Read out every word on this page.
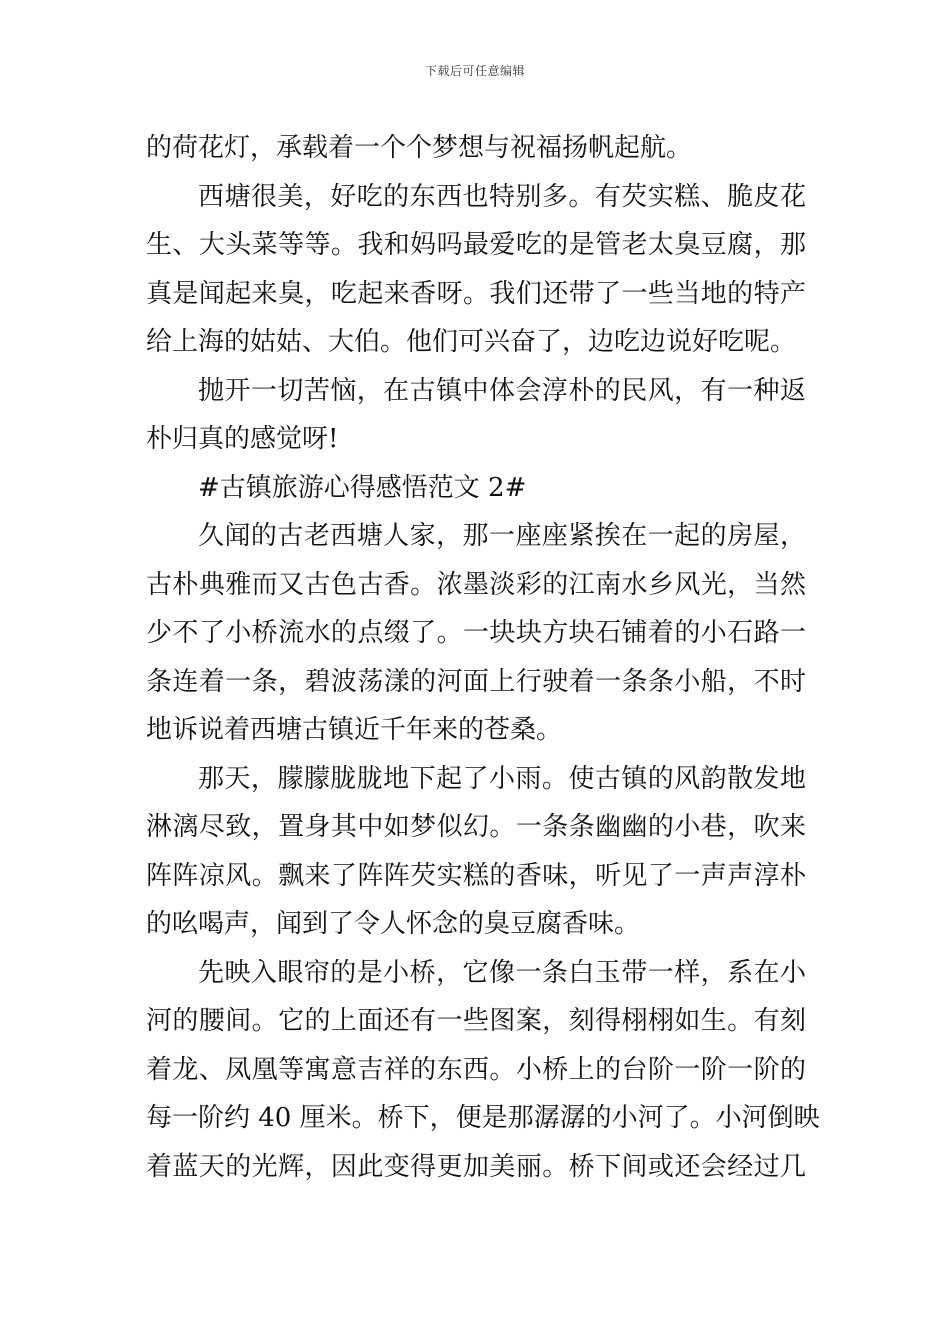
下载后可任意编辑
的荷花灯，承载着一个个梦想与祝福扬帆起航。
西塘很美，好吃的东西也特别多。有芡实糕、脆皮花
生、大头菜等等。我和妈吗最爱吃的是管老太臭豆腐，那
真是闻起来臭，吃起来香呀。我们还带了一些当地的特产
给上海的姑姑、大伯。他们可兴奋了，边吃边说好吃呢。
抛开一切苦恼，在古镇中体会淳朴的民风，有一种返
朴归真的感觉呀!
#古镇旅游心得感悟范文 2#
久闻的古老西塘人家，那一座座紧挨在一起的房屋，
古朴典雅而又古色古香。浓墨淡彩的江南水乡风光，当然
少不了小桥流水的点缀了。一块块方块石铺着的小石路一
条连着一条，碧波荡漾的河面上行驶着一条条小船，不时
地诉说着西塘古镇近千年来的苍桑。
那天，朦朦胧胧地下起了小雨。使古镇的风韵散发地
淋漓尽致，置身其中如梦似幻。一条条幽幽的小巷，吹来
阵阵凉风。飘来了阵阵芡实糕的香味，听见了一声声淳朴
的吆喝声，闻到了令人怀念的臭豆腐香味。
先映入眼帘的是小桥，它像一条白玉带一样，系在小
河的腰间。它的上面还有一些图案，刻得栩栩如生。有刻
着龙、凤凰等寓意吉祥的东西。小桥上的台阶一阶一阶的
每一阶约 40 厘米。桥下，便是那潺潺的小河了。小河倒映
着蓝天的光辉，因此变得更加美丽。桥下间或还会经过几
